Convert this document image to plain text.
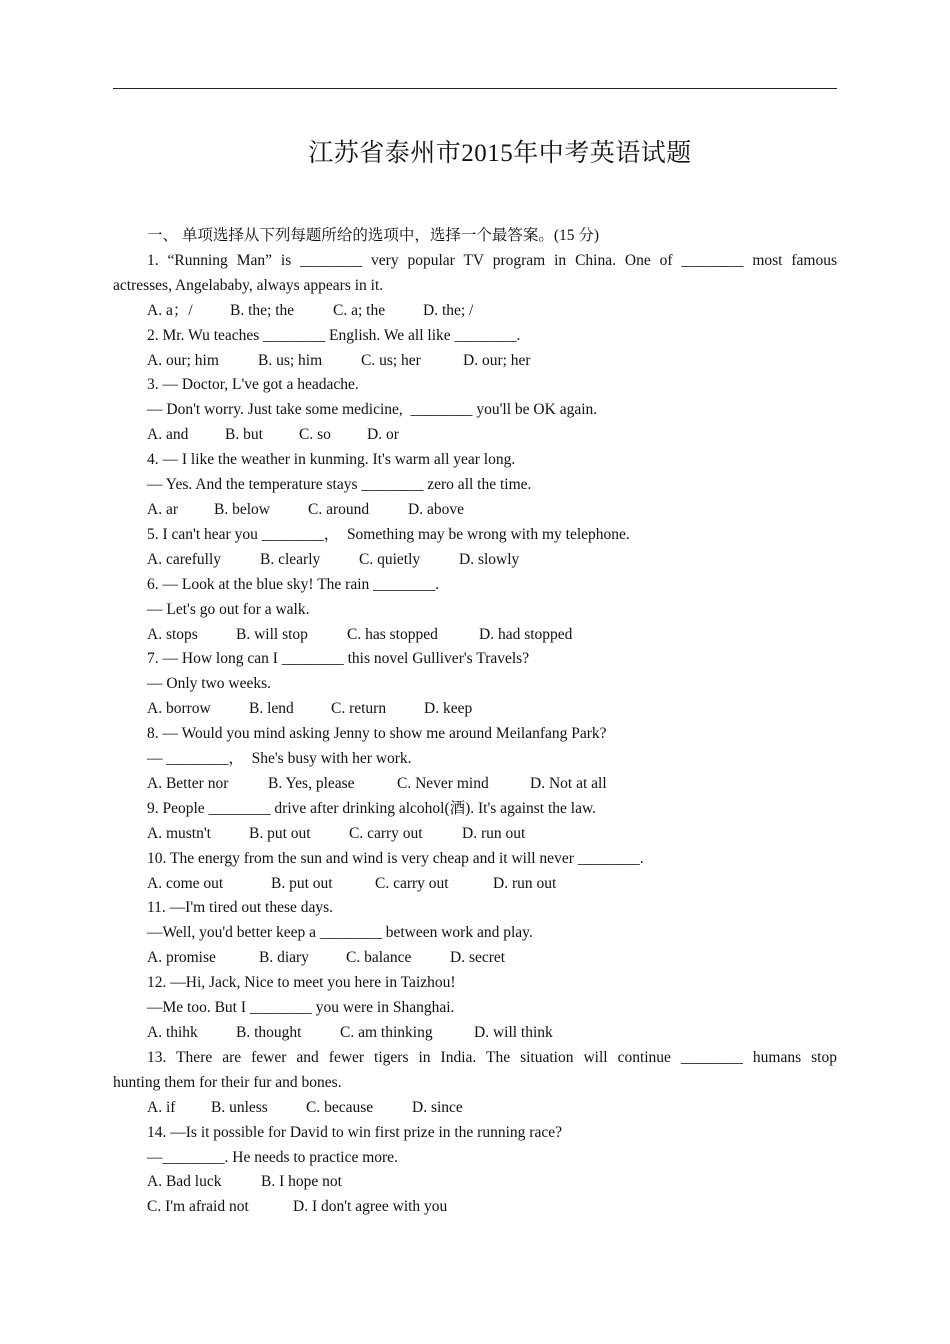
江苏省泰州市2015年中考英语试题
一、 单项选择从下列每题所给的选项中，选择一个最答案。(15 分)
1. “Running Man” is ________ very popular TV program in China. One of ________ most famous
actresses, Angelababy, always appears in it.
A. a；/ B. the; the	C. a; the D. the; /
2. Mr. Wu teaches ________ English. We all like ________.
A. our; him	B. us; him	C. us; her	D. our; her
3. — Doctor, L've got a headache.
— Don't worry. Just take some medicine,  ________ you'll be OK again.
A. and B. but C. so D. or
4. — I like the weather in kunming. It's warm all year long.
— Yes. And the temperature stays ________ zero all the time.
A. ar B. below C. around	D. above
5. I can't hear you ________，  Something may be wrong with my telephone.
A. carefully	B. clearly C. quietly	D. slowly
6. — Look at the blue sky! The rain ________.
— Let's go out for a walk.
A. stops B. will stop	C. has stopped	D. had stopped
7. — How long can I ________ this novel Gulliver's Travels?
— Only two weeks.
A. borrow B. lend C. return D. keep
8. — Would you mind asking Jenny to show me around Meilanfang Park?
— ________，  She's busy with her work.
A. Better nor	B. Yes, please	C. Never mind	D. Not at all
9. People ________ drive after drinking alcohol(酒). It's against the law.
A. mustn't B. put out C. carry out	D. run out
10. The energy from the sun and wind is very cheap and it will never ________.
A. come out	B. put out	C. carry out	D. run out
11. —I'm tired out these days.
—Well, you'd better keep a ________ between work and play.
A. promise	B. diary C. balance D. secret
12. —Hi, Jack, Nice to meet you here in Taizhou!
—Me too. But I ________ you were in Shanghai.
A. thihk B. thought C. am thinking	D. will think
13. There are fewer and fewer tigers in India. The situation will continue ________ humans stop
hunting them for their fur and bones.
A. if B. unless C. because	D. since
14. —Is it possible for David to win first prize in the running race?
—________. He needs to practice more.
A. Bad luck	B. I hope not
C. I'm afraid not	D. I don't agree with you
